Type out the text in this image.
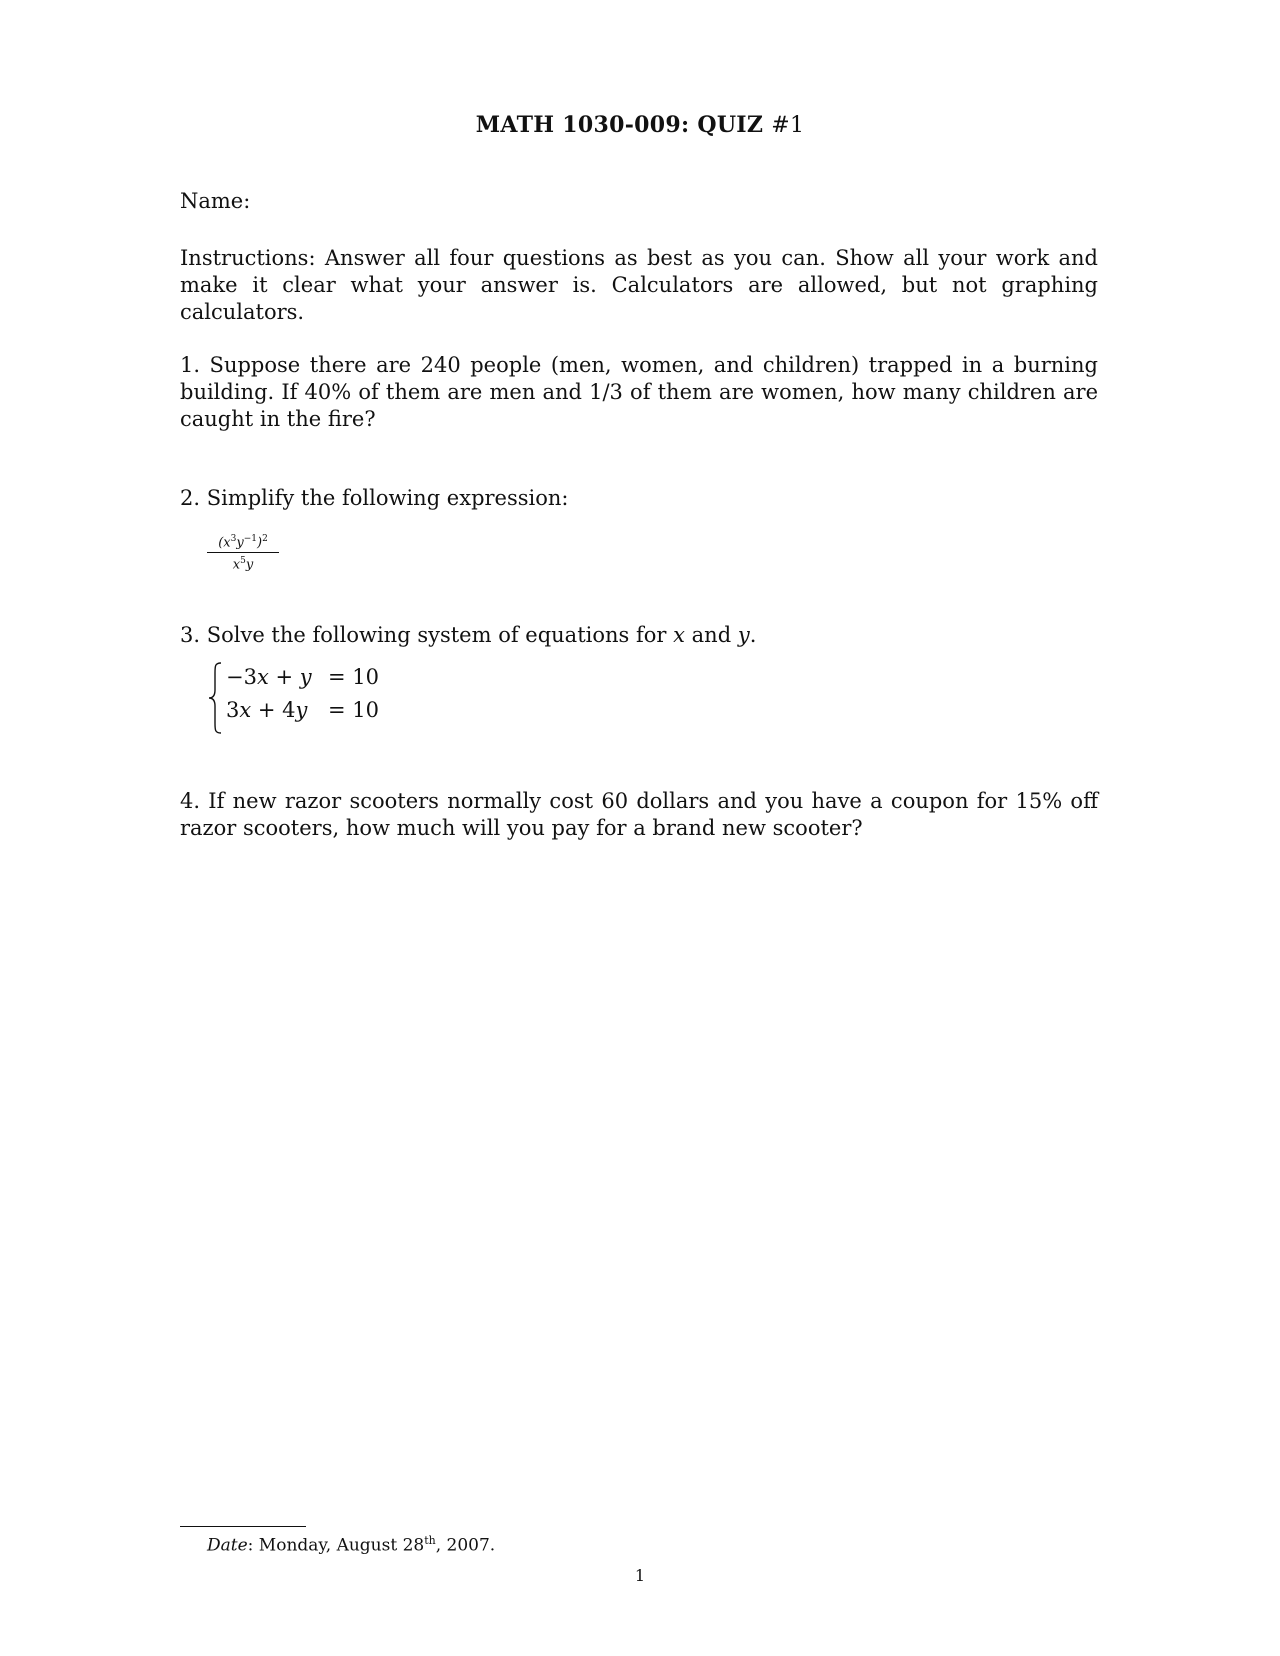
MATH 1030-009: QUIZ #1
Name:
Instructions: Answer all four questions as best as you can. Show all your work and make it clear what your answer is. Calculators are allowed, but not graphing calculators.
1. Suppose there are 240 people (men, women, and children) trapped in a burning building. If 40% of them are men and 1/3 of them are women, how many children are caught in the fire?
2. Simplify the following expression:
$\frac{(x^3y^{-1})^2}{x^5y}$
3. Solve the following system of equations for x and y.
−3x + y = 10
3x + 4y = 10
4. If new razor scooters normally cost 60 dollars and you have a coupon for 15% off razor scooters, how much will you pay for a brand new scooter?
Date: Monday, August 28th, 2007.
1
